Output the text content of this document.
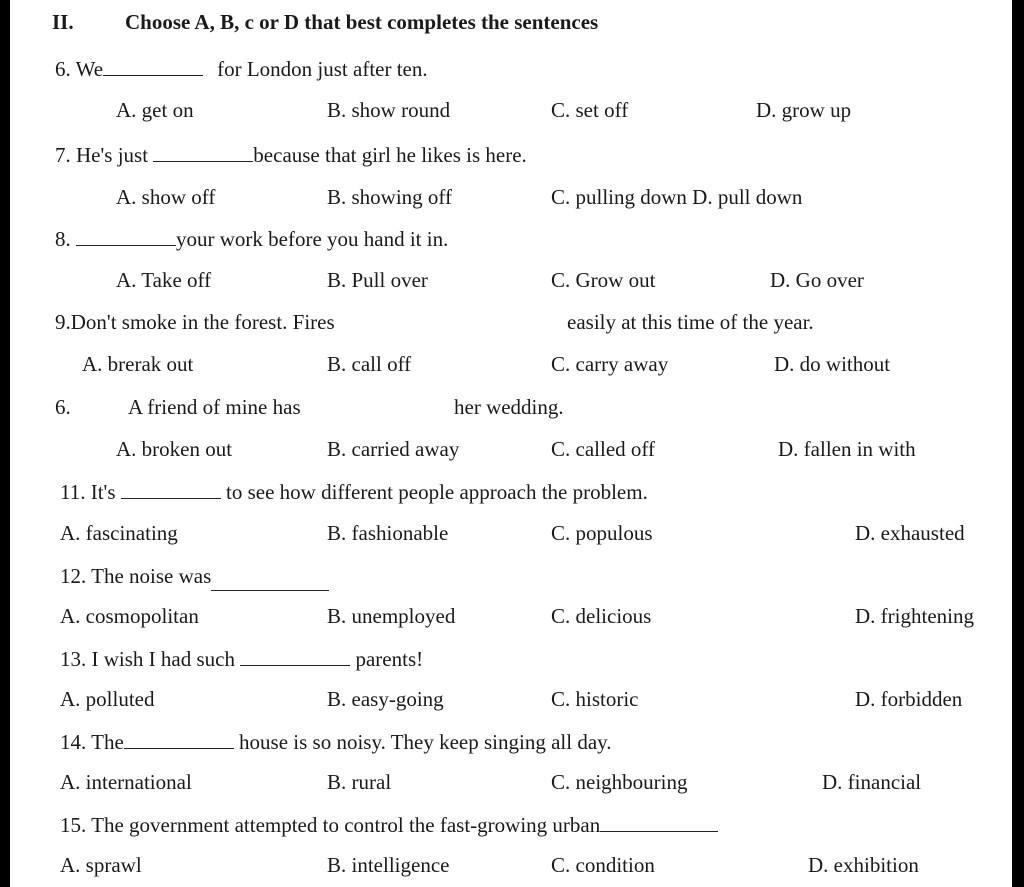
II. Choose A, B, c or D that best completes the sentences
6. We	for London just after ten.
A. get on	B. show round	C. set off	D. grow up
7. He's just	because that girl he likes is here.
A. show off	B. showing off	C. pulling down D. pull down
8.	your work before you hand it in.
A. Take off	B. Pull over	C. Grow out	D. Go over
9.Don't smoke in the forest. Fires	easily at this time of the year.
A. brerak out	B. call off	C. carry away	D. do without
6.	A friend of mine has	her wedding.
A. broken out	B. carried away	C. called off	D. fallen in with
11. It's	to see how different people approach the problem.
A. fascinating	B. fashionable	C. populous	D. exhausted
12. The noise was
A. cosmopolitan	B. unemployed	C. delicious	D. frightening
13. I wish I had such	parents!
A. polluted	B. easy-going	C. historic	D. forbidden
14. The	house is so noisy. They keep singing all day.
A. international	B. rural	C. neighbouring	D. financial
15. The government attempted to control the fast-growing urban
A. sprawl	B. intelligence	C. condition	D. exhibition
